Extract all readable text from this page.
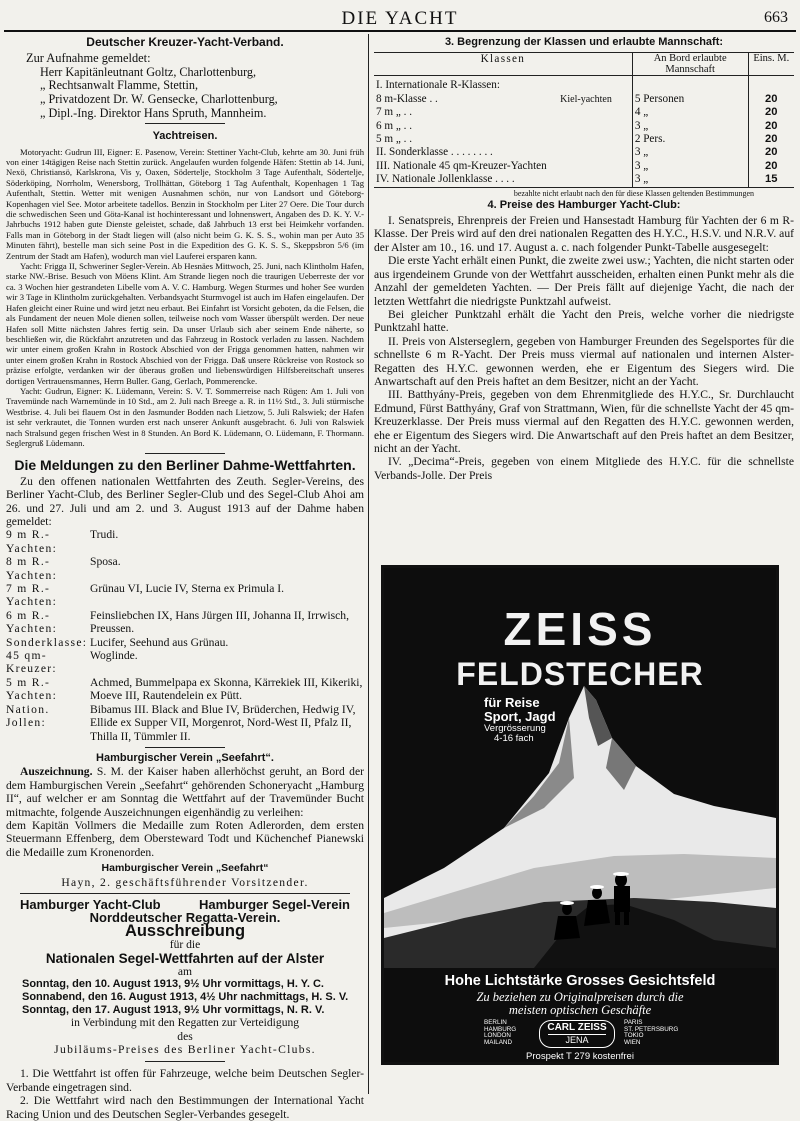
DIE YACHT	663

Deutscher Kreuzer-Yacht-Verband.

Zur Aufnahme gemeldet:

Herr Kapitänleutnant Goltz, Charlottenburg,
„ Rechtsanwalt Flamme, Stettin,
„ Privatdozent Dr. W. Gensecke, Charlottenburg,
„ Dipl.-Ing. Direktor Hans Spruth, Mannheim.

Yachtreisen.

Motoryacht: Gudrun III, Eigner: E. Pasenow, Verein: Stettiner Yacht-Club, kehrte am 30. Juni früh von einer 14tägigen Reise nach Stettin zurück. Angelaufen wurden folgende Häfen: Stettin ab 14. Juni, Nexö, Christiansö, Karlskrona, Vis y, Oaxen, Södertelje, Stockholm 3 Tage Aufenthalt, Södertelje, Söderköping, Norrholm, Wenersborg, Trollhättan, Göteborg 1 Tag Aufenthalt, Kopenhagen 1 Tag Aufenthalt, Stettin. Wetter mit wenigen Ausnahmen schön, nur von Landsort und Göteborg-Kopenhagen viel See. Motor arbeitete tadellos. Benzin in Stockholm per Liter 27 Oere. Die Tour durch die schwedischen Seen und Göta-Kanal ist hochinteressant und lohnenswert, Angaben des D. K. Y. V.-Jahrbuchs 1912 haben gute Dienste geleistet, schade, daß Jahrbuch 13 erst bei Heimkehr vorfanden. Falls man in Göteborg in der Stadt liegen will (also nicht beim G. K. S. S., wohin man per Auto 35 Minuten fährt), bestelle man sich seine Post in die Expedition des G. K. S. S., Skeppsbron 5/6 (im Zentrum der Stadt am Hafen), wodurch man viel Lauferei ersparen kann.

Yacht: Frigga II, Schweriner Segler-Verein. Ab Hesnäes Mittwoch, 25. Juni, nach Klintholm Hafen, starke NW.-Brise. Besuch von Möens Klint. Am Strande liegen noch die traurigen Ueberreste der vor ca. 3 Wochen hier gestrandeten Libelle vom A. V. C. Hamburg. Wegen Sturmes und hoher See wurden wir 3 Tage in Klintholm zurückgehalten. Verbandsyacht Sturmvogel ist auch im Hafen eingelaufen. Der Hafen gleicht einer Ruine und wird jetzt neu erbaut. Bei Einfahrt ist Vorsicht geboten, da die Felsen, die als Fundament der neuen Mole dienen sollen, teilweise noch vom Wasser überspült werden. Der neue Hafen soll Mitte nächsten Jahres fertig sein. Da unser Urlaub sich aber seinem Ende näherte, so beschließen wir, die Rückfahrt anzutreten und das Fahrzeug in Rostock verladen zu lassen. Nachdem wir unter einem großen Krahn in Rostock Abschied von der Frigga genommen hatten, nahmen wir unter einem großen Krahn in Rostock Abschied von der Frigga. Daß unsere Rückreise von Rostock so präzise erfolgte, verdanken wir der überaus großen und liebenswürdigen Hilfsbereitschaft unseres dortigen Vertrauensmannes, Herrn Buller. Gang, Gerlach, Pommerencke.

Yacht: Gudrun, Eigner: K. Lüdemann, Verein: S. V. T. Sommerreise nach Rügen: Am 1. Juli von Travemünde nach Warnemünde in 10 Std., am 2. Juli nach Breege a. R. in 11½ Std., 3. Juli stürmische Westbrise. 4. Juli bei flauem Ost in den Jasmunder Bodden nach Lietzow, 5. Juli Ralswiek; der Hafen ist sehr verkrautet, die Tonnen wurden erst nach unserer Ankunft ausgebracht. 6. Juli von Ralswiek nach Stralsund gegen frischen West in 8 Stunden. An Bord K. Lüdemann, O. Lüdemann, F. Thormann. Seglergruß Lüdemann.

Die Meldungen zu den Berliner Dahme-Wettfahrten.

Zu den offenen nationalen Wettfahrten des Zeuth. Segler-Vereins, des Berliner Yacht-Club, des Berliner Segler-Club und des Segel-Club Ahoi am 26. und 27. Juli und am 2. und 3. August 1913 auf der Dahme haben gemeldet:

9 m R.-Yachten:
Trudi.
8 m R.-Yachten:
Sposa.
7 m R.-Yachten:
Grünau VI, Lucie IV, Sterna ex Primula I.
6 m R.-Yachten:
Feinsliebchen IX, Hans Jürgen III, Johanna II, Irrwisch, Preussen.
Sonderklasse: Lucifer, Seehund aus Grünau.
45 qm-Kreuzer:
Woglinde.
5 m R.-Yachten:
Achmed, Bummelpapa ex Skonna, Kärrekiek III, Kikeriki, Moeve III, Rautendelein ex Pütt.
Nation. Jollen:
Bibamus III. Black and Blue IV, Brüderchen, Hedwig IV, Ellide ex Supper VII, Morgenrot, Nord-West II, Pfalz II, Thilla II, Tümmler II.

Hamburgischer Verein „Seefahrt“.

Auszeichnung. S. M. der Kaiser haben allerhöchst geruht, an Bord der dem Hamburgischen Verein „Seefahrt“ gehörenden Schoneryacht „Hamburg II“, auf welcher er am Sonntag die Wettfahrt auf der Travemünder Bucht mitmachte, folgende Auszeichnungen eigenhändig zu verleihen:

dem Kapitän Vollmers die Medaille zum Roten Adlerorden, dem ersten Steuermann Effenberg, dem Obersteward Todt und Küchenchef Pianewski die Medaille zum Kronenorden.

Hamburgischer Verein „Seefahrt“

Hayn, 2. geschäftsführender Vorsitzender.

Hamburger Yacht-Club	Hamburger Segel-Verein

Norddeutscher Regatta-Verein.

Ausschreibung

für die

Nationalen Segel-Wettfahrten auf der Alster

am

Sonntag, den 10. August 1913, 9½ Uhr vormittags, H. Y. C.
Sonnabend, den 16. August 1913, 4½ Uhr nachmittags, H. S. V.
Sonntag, den 17. August 1913, 9½ Uhr vormittags, N. R. V.

in Verbindung mit den Regatten zur Verteidigung

des

Jubiläums-Preises des Berliner Yacht-Clubs.

1. Die Wettfahrt ist offen für Fahrzeuge, welche beim Deutschen Segler-Verbande eingetragen sind.

2. Die Wettfahrt wird nach den Bestimmungen der International Yacht Racing Union und des Deutschen Segler-Verbandes gesegelt.

3. Begrenzung der Klassen und erlaubte Mannschaft:

Klassen	An Bord erlaubte Mannschaft	Eins. M.
I. Internationale R-Klassen:		
8 m-Klasse . . Kiel-yachten	5 Personen	20
7 m „ . .	4 „	20
6 m „ . .	3 „	20
5 m „ . .	2 Pers.	20
II. Sonderklasse . . . . . . . .	3 „	20
III. Nationale 45 qm-Kreuzer-Yachten	3 „	20
IV. Nationale Jollenklasse . . . .	3 „	15

bezahlte nicht erlaubt nach den für diese Klassen geltenden Bestimmungen

4. Preise des Hamburger Yacht-Club:

I. Senatspreis, Ehrenpreis der Freien und Hansestadt Hamburg für Yachten der 6 m R-Klasse. Der Preis wird auf den drei nationalen Regatten des H.Y.C., H.S.V. und N.R.V. auf der Alster am 10., 16. und 17. August a. c. nach folgender Punkt-Tabelle ausgesegelt:

Die erste Yacht erhält einen Punkt, die zweite zwei usw.; Yachten, die nicht starten oder aus irgendeinem Grunde von der Wettfahrt ausscheiden, erhalten einen Punkt mehr als die Anzahl der gemeldeten Yachten. — Der Preis fällt auf diejenige Yacht, die nach der letzten Wettfahrt die niedrigste Punktzahl aufweist.

Bei gleicher Punktzahl erhält die Yacht den Preis, welche vorher die niedrigste Punktzahl hatte.

II. Preis von Alsterseglern, gegeben von Hamburger Freunden des Segelsportes für die schnellste 6 m R-Yacht. Der Preis muss viermal auf nationalen und internen Alster-Regatten des H.Y.C. gewonnen werden, ehe er Eigentum des Siegers wird. Die Anwartschaft auf den Preis haftet an dem Besitzer, nicht an der Yacht.

III. Batthyány-Preis, gegeben von dem Ehrenmitgliede des H.Y.C., Sr. Durchlaucht Edmund, Fürst Batthyány, Graf von Strattmann, Wien, für die schnellste Yacht der 45 qm-Kreuzerklasse. Der Preis muss viermal auf den Regatten des H.Y.C. gewonnen werden, ehe er Eigentum des Siegers wird. Die Anwartschaft auf den Preis haftet an dem Besitzer, nicht an der Yacht.

IV. „Decima“-Preis, gegeben von einem Mitgliede des H.Y.C. für die schnellste Verbands-Jolle. Der Preis

ZEISS
FELDSTECHER
für Reise
Sport, Jagd
Vergrösserung
4-16 fach
Hohe Lichtstärke Grosses Gesichtsfeld
Zu beziehen zu Originalpreisen durch die
meisten optischen Geschäfte
BERLIN
HAMBURG
LONDON
MAILAND
CARL ZEISS
JENA
PARIS
ST. PETERSBURG
TOKIO
WIEN
Prospekt T 279 kostenfrei
